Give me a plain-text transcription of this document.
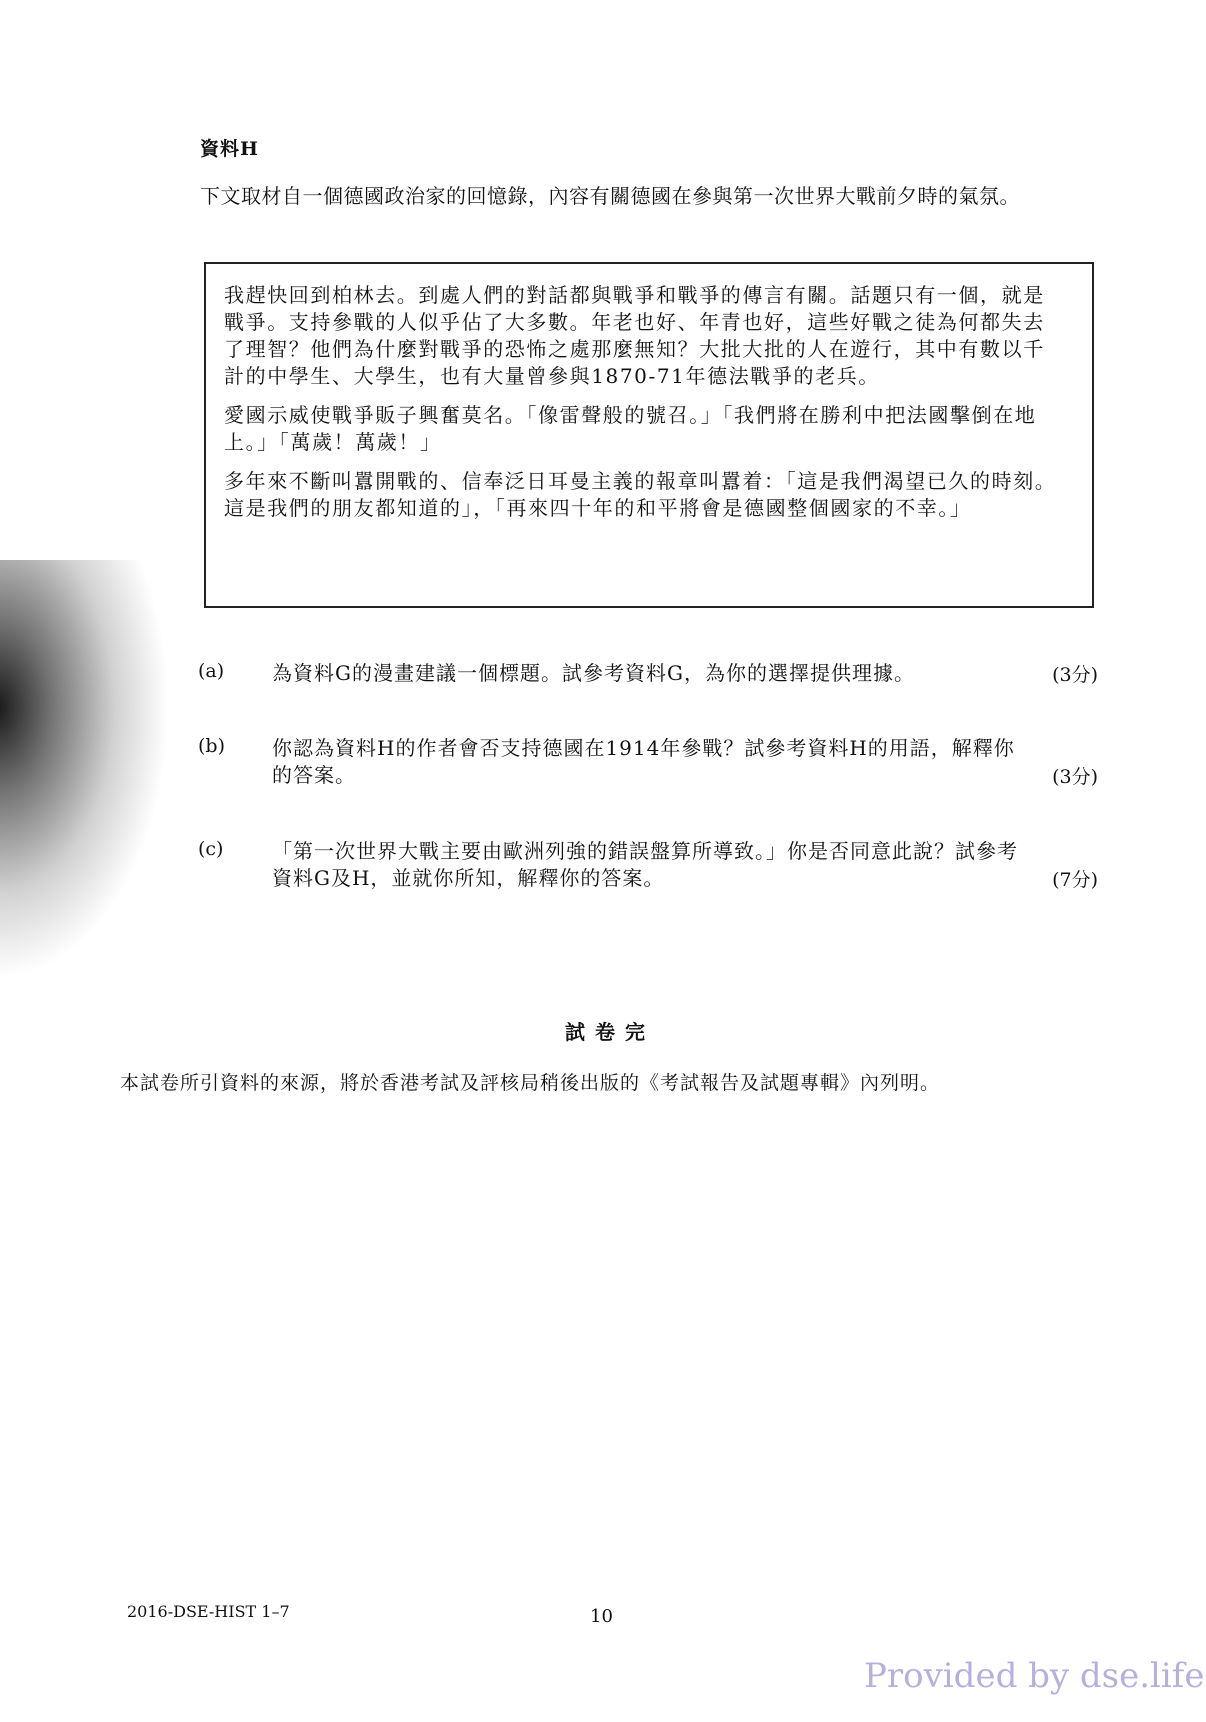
資料H
下文取材自一個德國政治家的回憶錄，內容有關德國在參與第一次世界大戰前夕時的氣氛。

我趕快回到柏林去。到處人們的對話都與戰爭和戰爭的傳言有關。話題只有一個，就是戰爭。支持參戰的人似乎佔了大多數。年老也好、年青也好，這些好戰之徒為何都失去了理智？他們為什麼對戰爭的恐怖之處那麼無知？大批大批的人在遊行，其中有數以千計的中學生、大學生，也有大量曾參與1870-71年德法戰爭的老兵。

愛國示威使戰爭販子興奮莫名。「像雷聲般的號召。」「我們將在勝利中把法國擊倒在地上。」「萬歲！萬歲！」

多年來不斷叫囂開戰的、信奉泛日耳曼主義的報章叫囂着：「這是我們渴望已久的時刻。這是我們的朋友都知道的」，「再來四十年的和平將會是德國整個國家的不幸。」

(a) 為資料G的漫畫建議一個標題。試參考資料G，為你的選擇提供理據。	(3分)
(b) 你認為資料H的作者會否支持德國在1914年參戰？試參考資料H的用語，解釋你的答案。	(3分)
(c) 「第一次世界大戰主要由歐洲列強的錯誤盤算所導致。」你是否同意此說？試參考資料G及H，並就你所知，解釋你的答案。	(7分)
試卷完
本試卷所引資料的來源，將於香港考試及評核局稍後出版的《考試報告及試題專輯》內列明。
2016-DSE-HIST 1–7	10
Provided by dse.life
